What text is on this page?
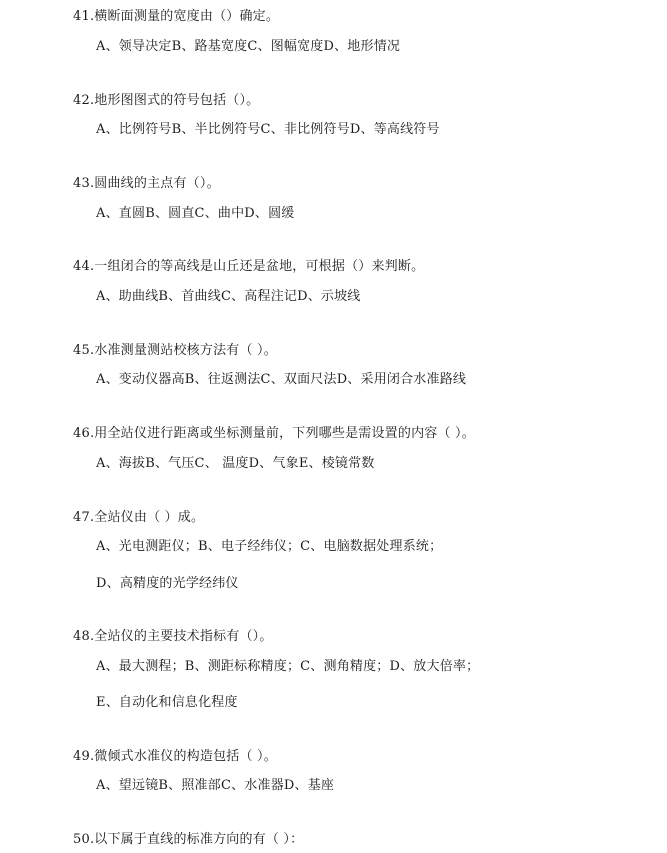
41.横断面测量的宽度由（）确定。
A、领导决定B、路基宽度C、图幅宽度D、地形情况
42.地形图图式的符号包括（）。
A、比例符号B、半比例符号C、非比例符号D、等高线符号
43.圆曲线的主点有（）。
A、直圆B、圆直C、曲中D、圆缓
44.一组闭合的等高线是山丘还是盆地，可根据（）来判断。
A、助曲线B、首曲线C、高程注记D、示坡线
45.水准测量测站校核方法有（ ）。
A、变动仪器高B、往返测法C、双面尺法D、采用闭合水准路线
46.用全站仪进行距离或坐标测量前，下列哪些是需设置的内容（ ）。
A、海拔B、气压C、 温度D、气象E、棱镜常数
47.全站仪由（ ）成。
A、光电测距仪；B、电子经纬仪；C、电脑数据处理系统；
D、高精度的光学经纬仪
48.全站仪的主要技术指标有（）。
A、最大测程；B、测距标称精度；C、测角精度；D、放大倍率；
E、自动化和信息化程度
49.微倾式水准仪的构造包括（ ）。
A、望远镜B、照准部C、水准器D、基座
50.以下属于直线的标准方向的有（ ）：
